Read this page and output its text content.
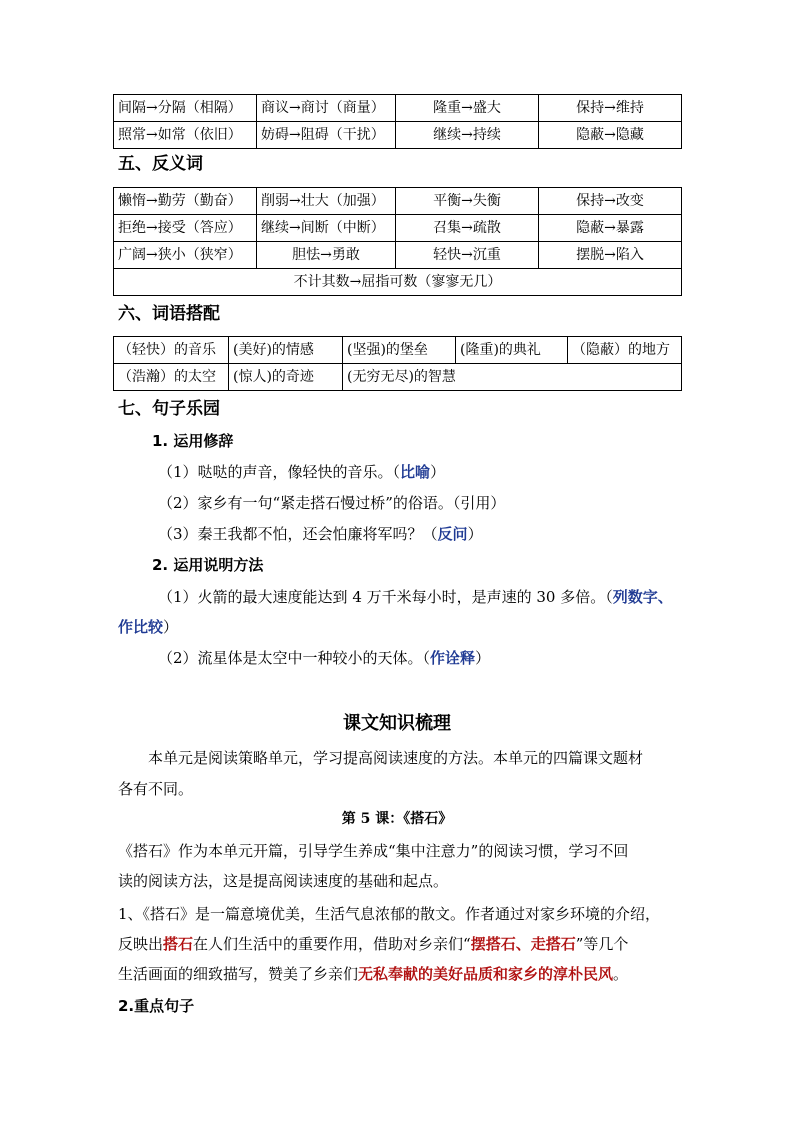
间隔→分隔（相隔）	商议→商讨（商量）	隆重→盛大	保持→维持
照常→如常（依旧）	妨碍→阻碍（干扰）	继续→持续	隐蔽→隐藏
五、反义词
懒惰→勤劳（勤奋）	削弱→壮大（加强）	平衡→失衡	保持→改变
拒绝→接受（答应）	继续→间断（中断）	召集→疏散	隐蔽→暴露
广阔→狭小（狭窄）	胆怯→勇敢	轻快→沉重	摆脱→陷入
不计其数→屈指可数（寥寥无几）			
六、词语搭配
（轻快）的音乐	(美好)的情感	(坚强)的堡垒	(隆重)的典礼	（隐蔽）的地方
（浩瀚）的太空	(惊人)的奇迹	(无穷无尽)的智慧		
七、句子乐园
1. 运用修辞
（1）哒哒的声音，像轻快的音乐。（比喻）
（2）家乡有一句“紧走搭石慢过桥”的俗语。（引用）
（3）秦王我都不怕，还会怕廉将军吗？（反问）
2. 运用说明方法
（1）火箭的最大速度能达到 4 万千米每小时，是声速的 30 多倍。（列数字、
作比较）
（2）流星体是太空中一种较小的天体。（作诠释）
课文知识梳理
本单元是阅读策略单元，学习提高阅读速度的方法。本单元的四篇课文题材

各有不同。
第 5 课：《搭石》
《搭石》作为本单元开篇，引导学生养成“集中注意力”的阅读习惯，学习不回
读的阅读方法，这是提高阅读速度的基础和起点。
1、《搭石》是一篇意境优美，生活气息浓郁的散文。作者通过对家乡环境的介绍，
反映出搭石在人们生活中的重要作用，借助对乡亲们“摆搭石、走搭石”等几个
生活画面的细致描写，赞美了乡亲们无私奉献的美好品质和家乡的淳朴民风。
2.重点句子
